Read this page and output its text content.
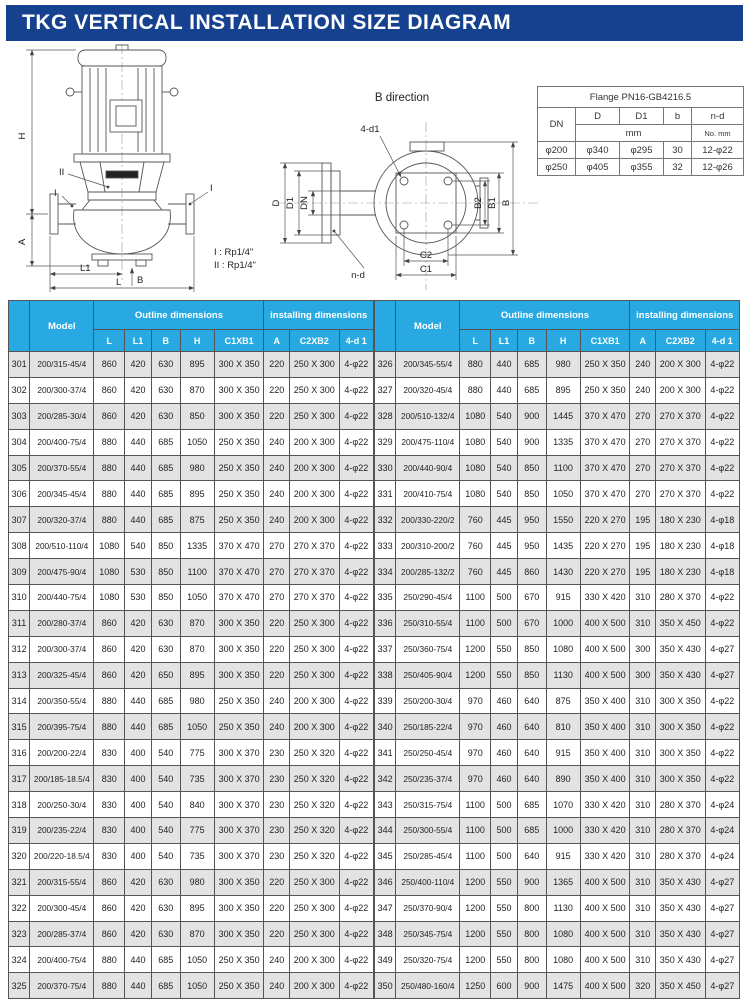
TKG VERTICAL INSTALLATION SIZE DIAGRAM
H
A
L1
B
L
II
I	I
B direction
D D1 DN
4-d1
n-d
B2 B1 B
C2
C1
I : Rp1/4"
II : Rp1/4"
Flange PN16-GB4216.5				
DN	D	D1	b	n-d
	mm			No. mm
φ200	φ340	φ295	30	12-φ22
φ250	φ405	φ355	32	12-φ26
	Model	Outline dimensions					installing dimensions		
		L	L1	B	H	C1XB1	A	C2XB2	4-d 1
301	200/315-45/4	860	420	630	895	300 X 350	220	250 X 300	4-φ22
302	200/300-37/4	860	420	630	870	300 X 350	220	250 X 300	4-φ22
303	200/285-30/4	860	420	630	850	300 X 350	220	250 X 300	4-φ22
304	200/400-75/4	880	440	685	1050	250 X 350	240	200 X 300	4-φ22
305	200/370-55/4	880	440	685	980	250 X 350	240	200 X 300	4-φ22
306	200/345-45/4	880	440	685	895	250 X 350	240	200 X 300	4-φ22
307	200/320-37/4	880	440	685	875	250 X 350	240	200 X 300	4-φ22
308	200/510-110/4	1080	540	850	1335	370 X 470	270	270 X 370	4-φ22
309	200/475-90/4	1080	530	850	1100	370 X 470	270	270 X 370	4-φ22
310	200/440-75/4	1080	530	850	1050	370 X 470	270	270 X 370	4-φ22
311	200/280-37/4	860	420	630	870	300 X 350	220	250 X 300	4-φ22
312	200/300-37/4	860	420	630	870	300 X 350	220	250 X 300	4-φ22
313	200/325-45/4	860	420	650	895	300 X 350	220	250 X 300	4-φ22
314	200/350-55/4	880	440	685	980	250 X 350	240	200 X 300	4-φ22
315	200/395-75/4	880	440	685	1050	250 X 350	240	200 X 300	4-φ22
316	200/200-22/4	830	400	540	775	300 X 370	230	250 X 320	4-φ22
317	200/185-18.5/4	830	400	540	735	300 X 370	230	250 X 320	4-φ22
318	200/250-30/4	830	400	540	840	300 X 370	230	250 X 320	4-φ22
319	200/235-22/4	830	400	540	775	300 X 370	230	250 X 320	4-φ22
320	200/220-18.5/4	830	400	540	735	300 X 370	230	250 X 320	4-φ22
321	200/315-55/4	860	420	630	980	300 X 350	220	250 X 300	4-φ22
322	200/300-45/4	860	420	630	895	300 X 350	220	250 X 300	4-φ22
323	200/285-37/4	860	420	630	870	300 X 350	220	250 X 300	4-φ22
324	200/400-75/4	880	440	685	1050	250 X 350	240	200 X 300	4-φ22
325	200/370-75/4	880	440	685	1050	250 X 350	240	200 X 300	4-φ22
	Model	Outline dimensions					installing dimensions		
		L	L1	B	H	C1XB1	A	C2XB2	4-d 1
326	200/345-55/4	880	440	685	980	250 X 350	240	200 X 300	4-φ22
327	200/320-45/4	880	440	685	895	250 X 350	240	200 X 300	4-φ22
328	200/510-132/4	1080	540	900	1445	370 X 470	270	270 X 370	4-φ22
329	200/475-110/4	1080	540	900	1335	370 X 470	270	270 X 370	4-φ22
330	200/440-90/4	1080	540	850	1100	370 X 470	270	270 X 370	4-φ22
331	200/410-75/4	1080	540	850	1050	370 X 470	270	270 X 370	4-φ22
332	200/330-220/2	760	445	950	1550	220 X 270	195	180 X 230	4-φ18
333	200/310-200/2	760	445	950	1435	220 X 270	195	180 X 230	4-φ18
334	200/285-132/2	760	445	860	1430	220 X 270	195	180 X 230	4-φ18
335	250/290-45/4	1100	500	670	915	330 X 420	310	280 X 370	4-φ22
336	250/310-55/4	1100	500	670	1000	400 X 500	310	350 X 450	4-φ22
337	250/360-75/4	1200	550	850	1080	400 X 500	300	350 X 430	4-φ27
338	250/405-90/4	1200	550	850	1130	400 X 500	300	350 X 430	4-φ27
339	250/200-30/4	970	460	640	875	350 X 400	310	300 X 350	4-φ22
340	250/185-22/4	970	460	640	810	350 X 400	310	300 X 350	4-φ22
341	250/250-45/4	970	460	640	915	350 X 400	310	300 X 350	4-φ22
342	250/235-37/4	970	460	640	890	350 X 400	310	300 X 350	4-φ22
343	250/315-75/4	1100	500	685	1070	330 X 420	310	280 X 370	4-φ24
344	250/300-55/4	1100	500	685	1000	330 X 420	310	280 X 370	4-φ24
345	250/285-45/4	1100	500	640	915	330 X 420	310	280 X 370	4-φ24
346	250/400-110/4	1200	550	900	1365	400 X 500	310	350 X 430	4-φ27
347	250/370-90/4	1200	550	800	1130	400 X 500	310	350 X 430	4-φ27
348	250/345-75/4	1200	550	800	1080	400 X 500	310	350 X 430	4-φ27
349	250/320-75/4	1200	550	800	1080	400 X 500	310	350 X 430	4-φ27
350	250/480-160/4	1250	600	900	1475	400 X 500	320	350 X 450	4-φ27
